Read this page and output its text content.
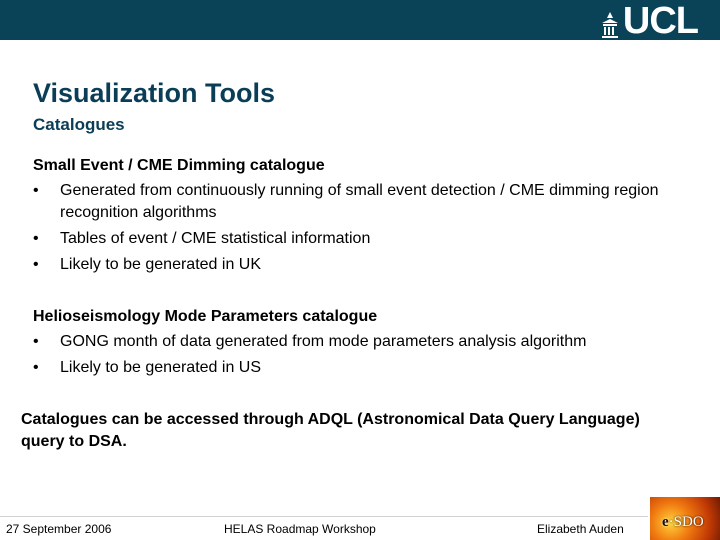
UCL
Visualization Tools
Catalogues
Small Event / CME Dimming catalogue
• Generated from continuously running of small event detection / CME dimming region recognition algorithms
• Tables of event / CME statistical information
• Likely to be generated in UK
Helioseismology Mode Parameters catalogue
• GONG month of data generated from mode parameters analysis algorithm
• Likely to be generated in US
Catalogues can be accessed through ADQL (Astronomical Data Query Language) query to DSA.
27 September 2006	HELAS Roadmap Workshop	Elizabeth Auden	e·SDO
